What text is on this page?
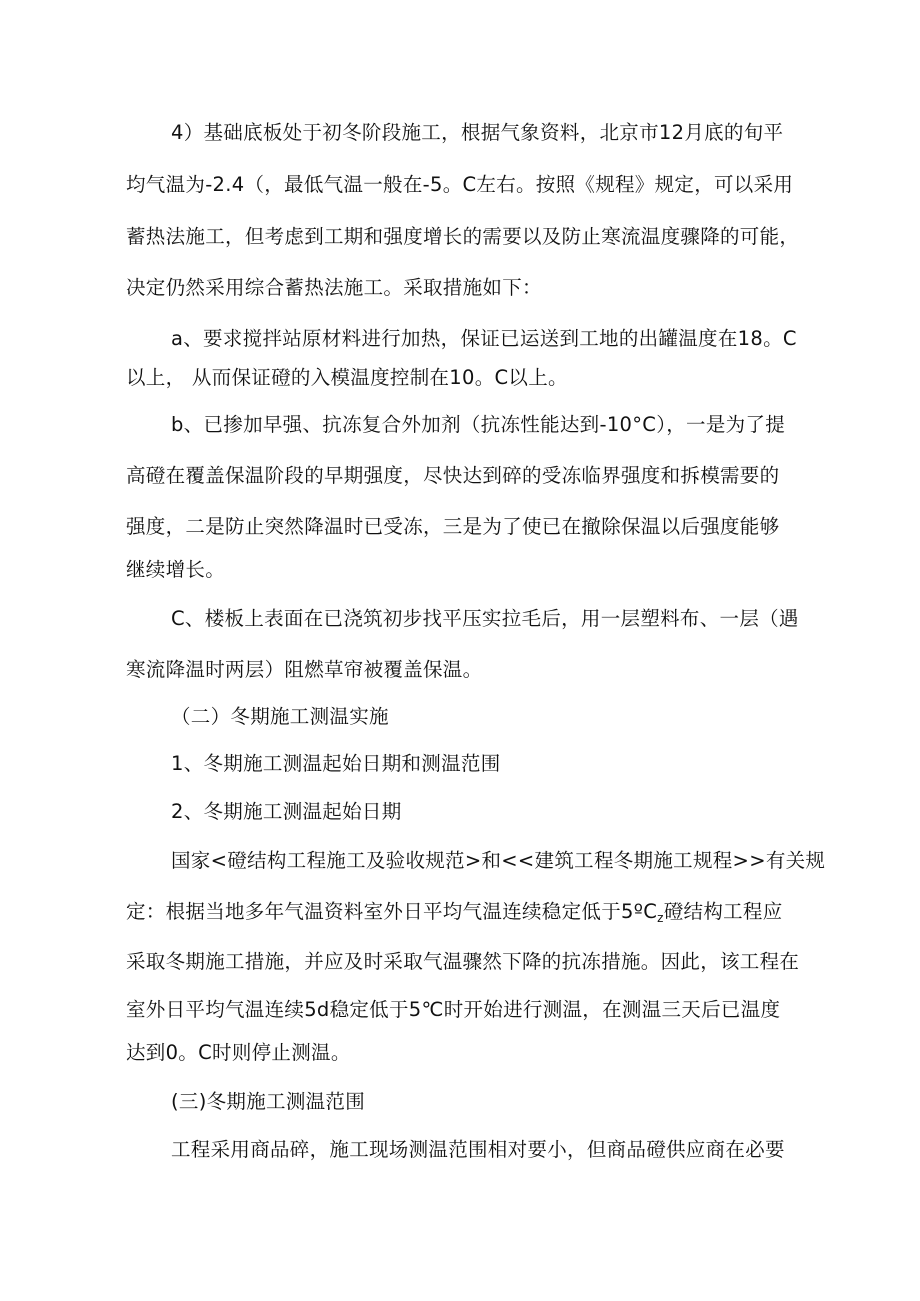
4）基础底板处于初冬阶段施工，根据气象资料，北京市12月底的旬平
均气温为-2.4（，最低气温一般在-5。C左右。按照《规程》规定，可以采用
蓄热法施工，但考虑到工期和强度增长的需要以及防止寒流温度骤降的可能，
决定仍然采用综合蓄热法施工。采取措施如下：
a、要求搅拌站原材料进行加热，保证已运送到工地的出罐温度在18。C
以上， 从而保证磴的入模温度控制在10。C以上。
b、已掺加早强、抗冻复合外加剂（抗冻性能达到-10°C），一是为了提
高磴在覆盖保温阶段的早期强度，尽快达到碎的受冻临界强度和拆模需要的
强度，二是防止突然降温时已受冻，三是为了使已在撤除保温以后强度能够
继续增长。
C、楼板上表面在已浇筑初步找平压实拉毛后，用一层塑料布、一层（遇
寒流降温时两层）阻燃草帘被覆盖保温。
（二）冬期施工测温实施
1、冬期施工测温起始日期和测温范围
2、冬期施工测温起始日期
国家<磴结构工程施工及验收规范>和<<建筑工程冬期施工规程>>有关规
定：根据当地多年气温资料室外日平均气温连续稳定低于5ºC$_z$磴结构工程应
采取冬期施工措施，并应及时采取气温骤然下降的抗冻措施。因此，该工程在
室外日平均气温连续5d稳定低于5℃时开始进行测温，在测温三天后已温度
达到0。C时则停止测温。
(三)冬期施工测温范围
工程采用商品碎，施工现场测温范围相对要小，但商品磴供应商在必要
